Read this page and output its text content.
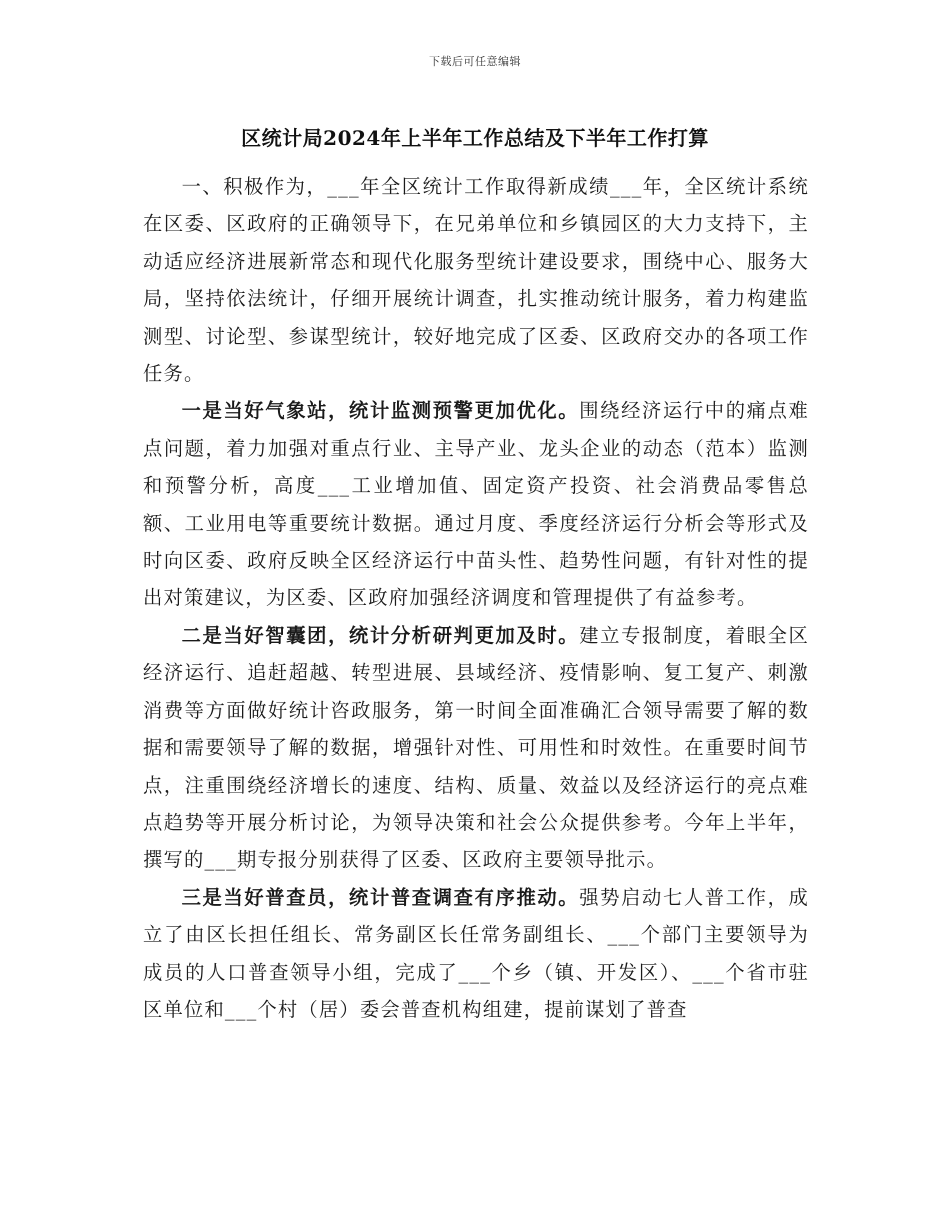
下载后可任意编辑
区统计局2024年上半年工作总结及下半年工作打算

一、积极作为，___年全区统计工作取得新成绩___年，全区统计系统在区委、区政府的正确领导下，在兄弟单位和乡镇园区的大力支持下，主动适应经济进展新常态和现代化服务型统计建设要求，围绕中心、服务大局，坚持依法统计，仔细开展统计调查，扎实推动统计服务，着力构建监测型、讨论型、参谋型统计，较好地完成了区委、区政府交办的各项工作任务。

一是当好气象站，统计监测预警更加优化。围绕经济运行中的痛点难点问题，着力加强对重点行业、主导产业、龙头企业的动态（范本）监测和预警分析，高度___工业增加值、固定资产投资、社会消费品零售总额、工业用电等重要统计数据。通过月度、季度经济运行分析会等形式及时向区委、政府反映全区经济运行中苗头性、趋势性问题，有针对性的提出对策建议，为区委、区政府加强经济调度和管理提供了有益参考。

二是当好智囊团，统计分析研判更加及时。建立专报制度，着眼全区经济运行、追赶超越、转型进展、县域经济、疫情影响、复工复产、刺激消费等方面做好统计咨政服务，第一时间全面准确汇合领导需要了解的数据和需要领导了解的数据，增强针对性、可用性和时效性。在重要时间节点，注重围绕经济增长的速度、结构、质量、效益以及经济运行的亮点难点趋势等开展分析讨论，为领导决策和社会公众提供参考。今年上半年，撰写的___期专报分别获得了区委、区政府主要领导批示。

三是当好普查员，统计普查调查有序推动。强势启动七人普工作，成立了由区长担任组长、常务副区长任常务副组长、___个部门主要领导为成员的人口普查领导小组，完成了___个乡（镇、开发区）、___个省市驻区单位和___个村（居）委会普查机构组建，提前谋划了普查
